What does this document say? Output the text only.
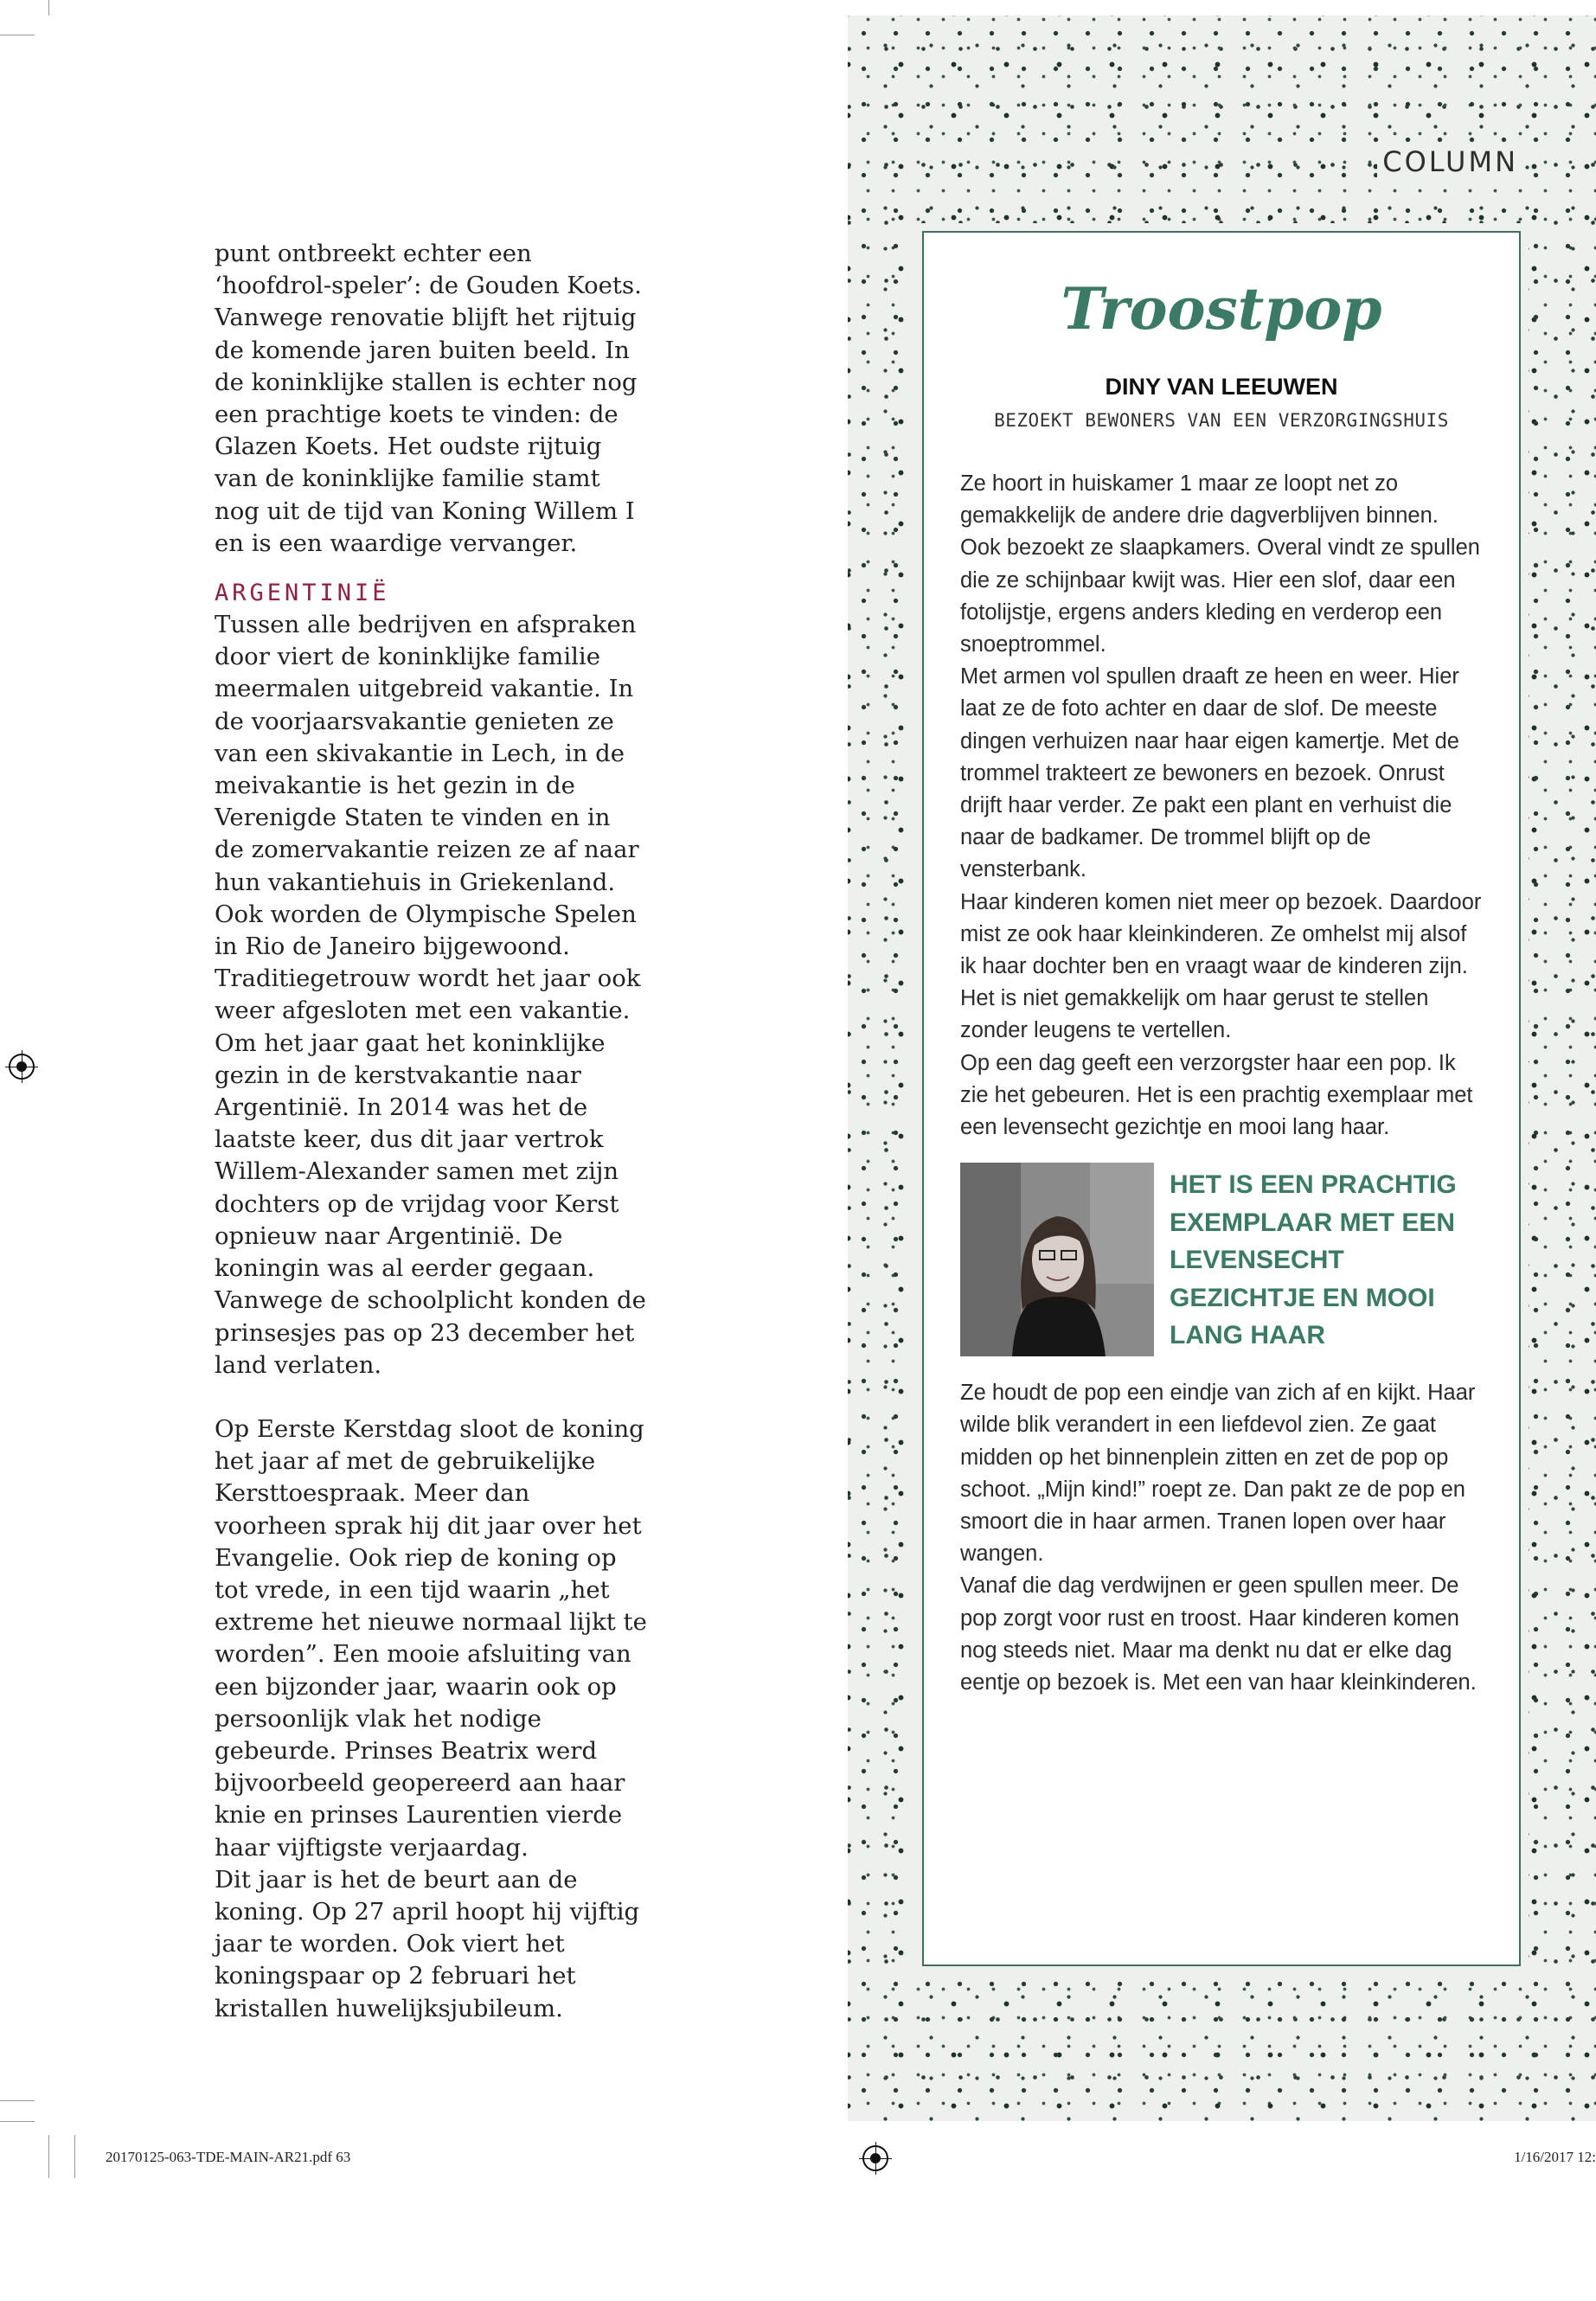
punt ontbreekt echter een ‘hoofdrol-speler’: de Gouden Koets. Vanwege renovatie blijft het rijtuig de komende jaren buiten beeld. In de koninklijke stallen is echter nog een prachtige koets te vinden: de Glazen Koets. Het oudste rijtuig van de koninklijke familie stamt nog uit de tijd van Koning Willem I en is een waardige vervanger.

ARGENTINIË

Tussen alle bedrijven en afspraken door viert de koninklijke familie meermalen uitgebreid vakantie. In de voorjaarsvakantie genieten ze van een skivakantie in Lech, in de meivakantie is het gezin in de Verenigde Staten te vinden en in de zomervakantie reizen ze af naar hun vakantiehuis in Griekenland. Ook worden de Olympische Spelen in Rio de Janeiro bijgewoond.

Traditiegetrouw wordt het jaar ook weer afgesloten met een vakantie. Om het jaar gaat het koninklijke gezin in de kerstvakantie naar Argentinië. In 2014 was het de laatste keer, dus dit jaar vertrok Willem-Alexander samen met zijn dochters op de vrijdag voor Kerst opnieuw naar Argentinië. De koningin was al eerder gegaan. Vanwege de schoolplicht konden de prinsesjes pas op 23 december het land verlaten.

Op Eerste Kerstdag sloot de koning het jaar af met de gebruikelijke Kersttoespraak. Meer dan voorheen sprak hij dit jaar over het Evangelie. Ook riep de koning op tot vrede, in een tijd waarin „het extreme het nieuwe normaal lijkt te worden”. Een mooie afsluiting van een bijzonder jaar, waarin ook op persoonlijk vlak het nodige gebeurde. Prinses Beatrix werd bijvoorbeeld geopereerd aan haar knie en prinses Laurentien vierde haar vijftigste verjaardag.

Dit jaar is het de beurt aan de koning. Op 27 april hoopt hij vijftig jaar te worden. Ook viert het koningspaar op 2 februari het kristallen huwelijksjubileum.

COLUMN
Troostpop
DINY VAN LEEUWEN
BEZOEKT BEWONERS VAN EEN VERZORGINGSHUIS

Ze hoort in huiskamer 1 maar ze loopt net zo gemakkelijk de andere drie dagverblijven binnen. Ook bezoekt ze slaapkamers. Overal vindt ze spullen die ze schijnbaar kwijt was. Hier een slof, daar een fotolijstje, ergens anders kleding en verderop een snoeptrommel.

Met armen vol spullen draaft ze heen en weer. Hier laat ze de foto achter en daar de slof. De meeste dingen verhuizen naar haar eigen kamertje. Met de trommel trakteert ze bewoners en bezoek. Onrust drijft haar verder. Ze pakt een plant en verhuist die naar de badkamer. De trommel blijft op de vensterbank.

Haar kinderen komen niet meer op bezoek. Daardoor mist ze ook haar kleinkinderen. Ze omhelst mij alsof ik haar dochter ben en vraagt waar de kinderen zijn. Het is niet gemakkelijk om haar gerust te stellen zonder leugens te vertellen.

Op een dag geeft een verzorgster haar een pop. Ik zie het gebeuren. Het is een prachtig exemplaar met een levensecht gezichtje en mooi lang haar.

HET IS EEN PRACHTIG EXEMPLAAR MET EEN LEVENSECHT GEZICHTJE EN MOOI LANG HAAR

Ze houdt de pop een eindje van zich af en kijkt. Haar wilde blik verandert in een liefdevol zien. Ze gaat midden op het binnenplein zitten en zet de pop op schoot. „Mijn kind!” roept ze. Dan pakt ze de pop en smoort die in haar armen. Tranen lopen over haar wangen.

Vanaf die dag verdwijnen er geen spullen meer. De pop zorgt voor rust en troost. Haar kinderen komen nog steeds niet. Maar ma denkt nu dat er elke dag eentje op bezoek is. Met een van haar kleinkinderen.

20170125-063-TDE-MAIN-AR21.pdf 63	1/16/2017 12:
